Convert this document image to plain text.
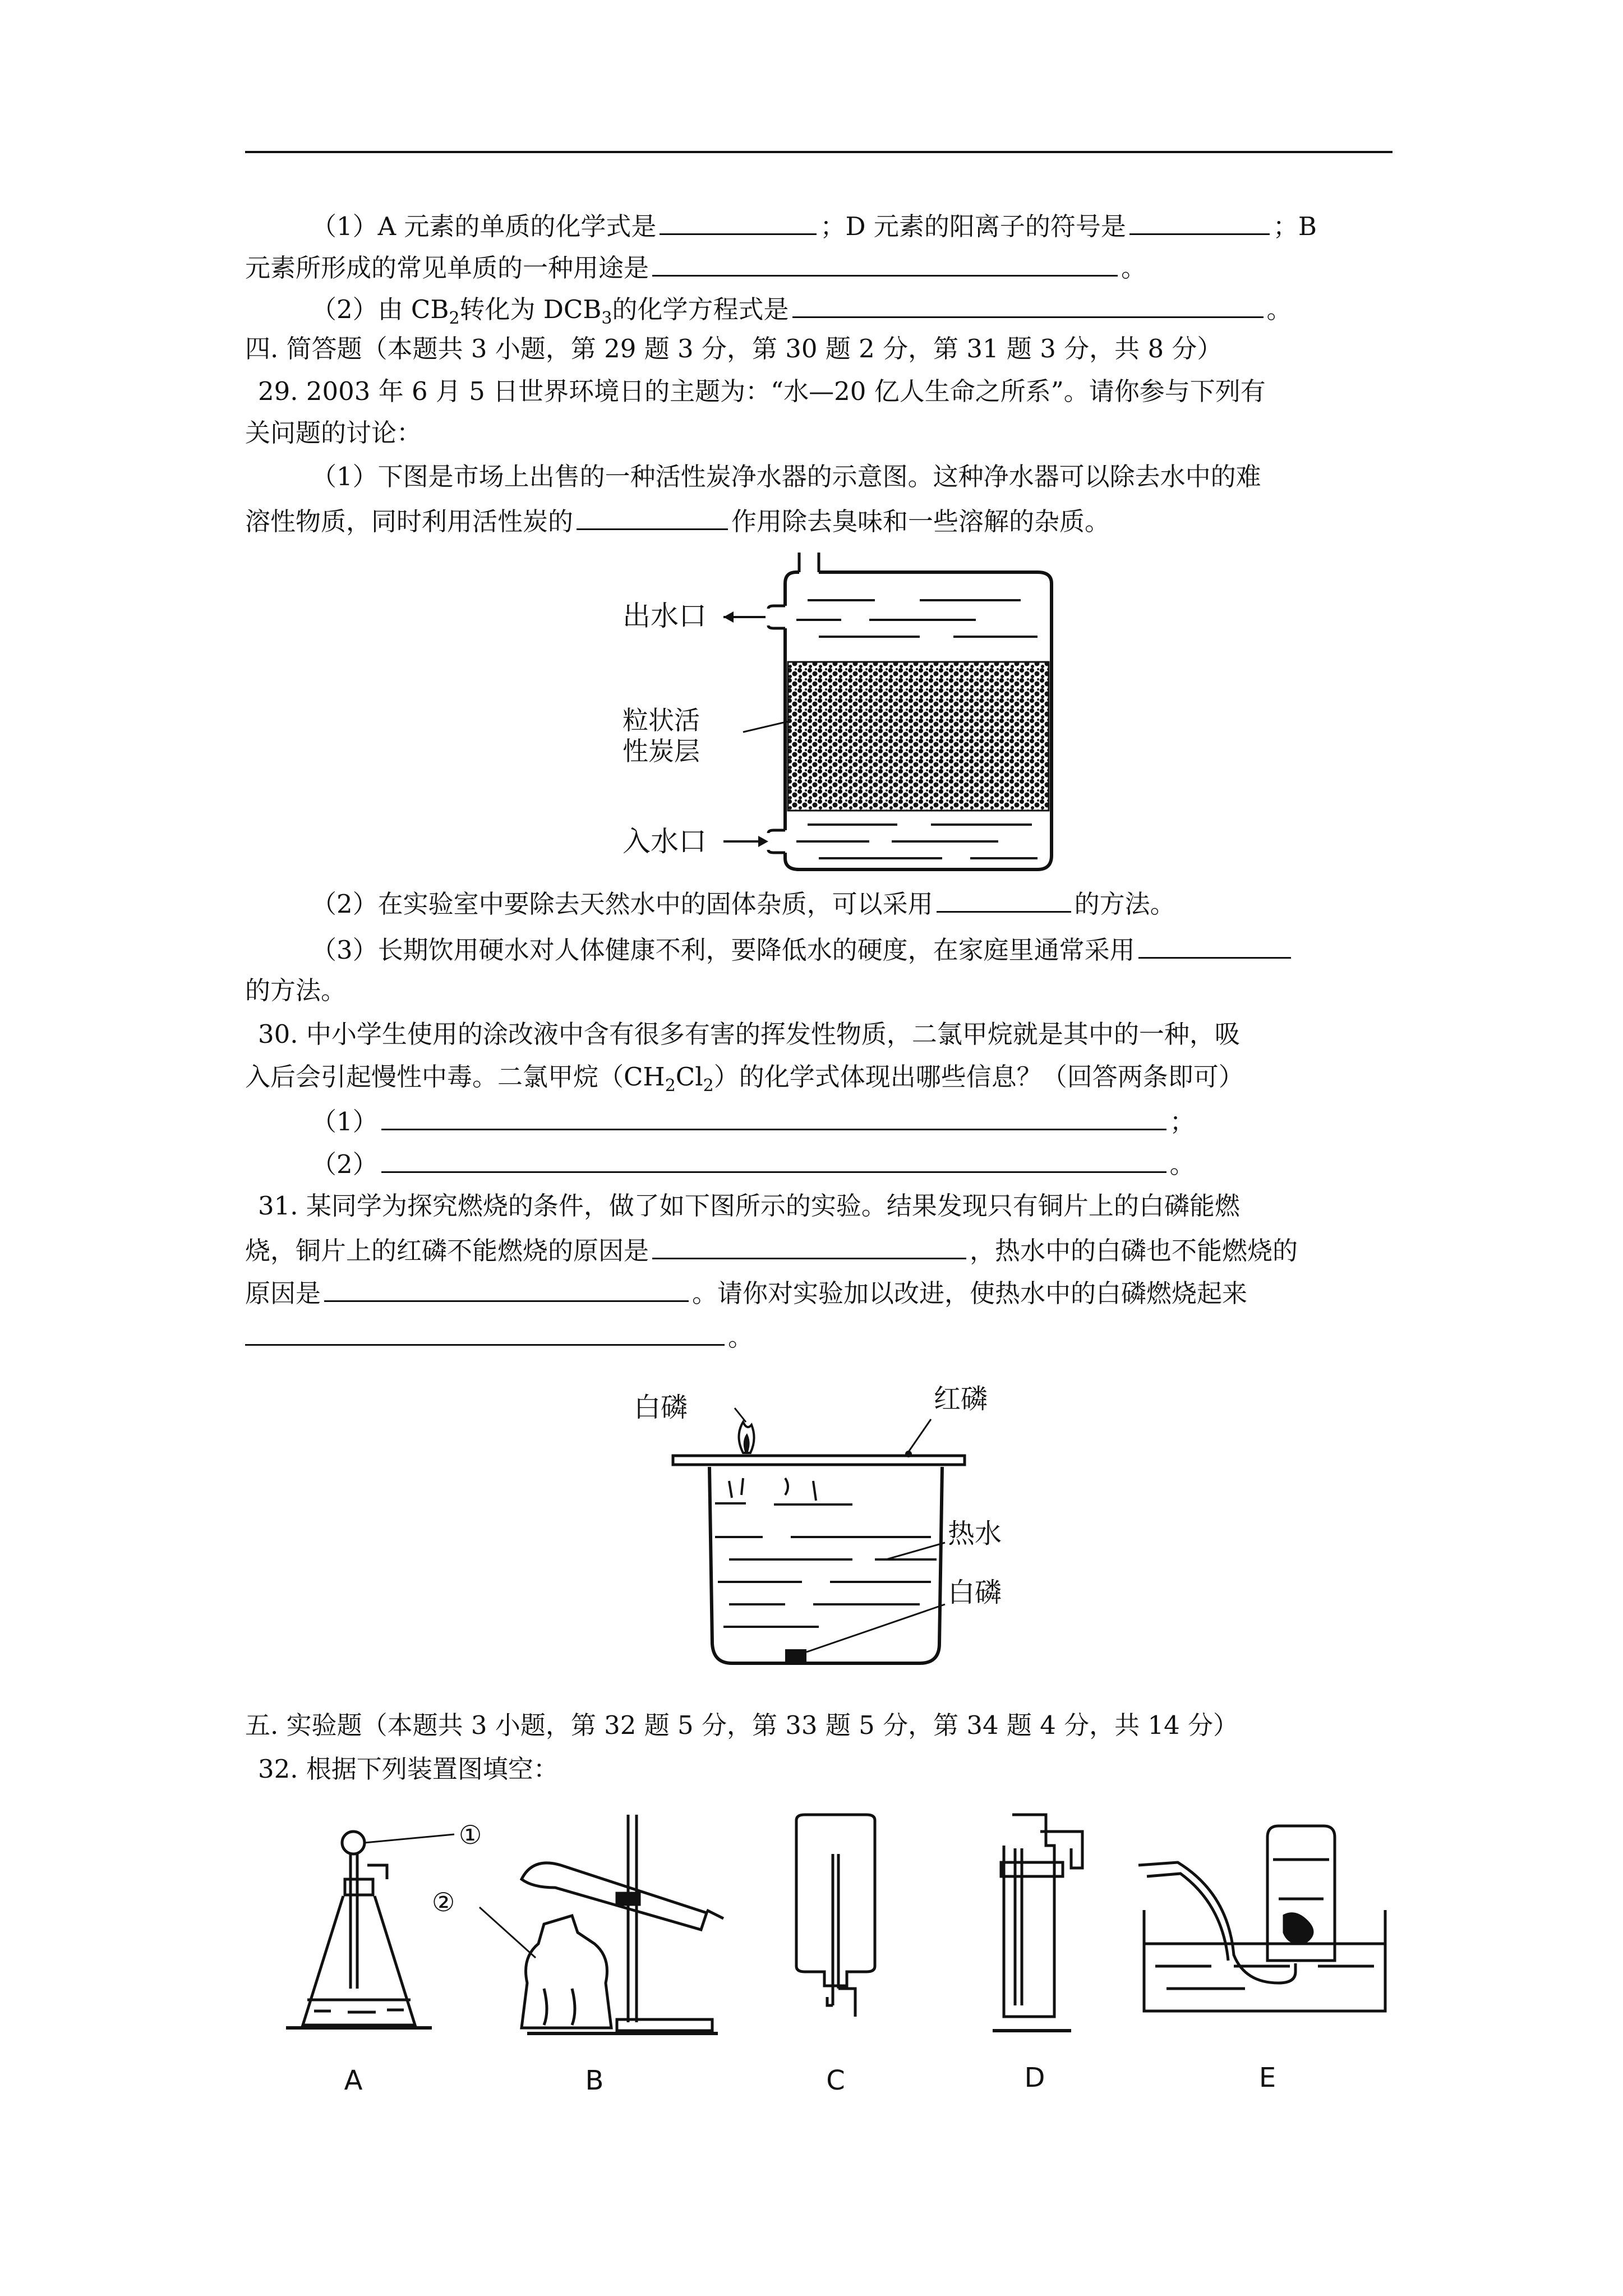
（1）A 元素的单质的化学式是	；D 元素的阳离子的符号是	；B
元素所形成的常见单质的一种用途是	。
（2）由 $CB_2$转化为 $DCB_3$的化学方程式是	。
四. 简答题（本题共 3 小题，第 29 题 3 分，第 30 题 2 分，第 31 题 3 分，共 8 分）
29. 2003 年 6 月 5 日世界环境日的主题为：“水—20 亿人生命之所系”。请你参与下列有
关问题的讨论：
（1）下图是市场上出售的一种活性炭净水器的示意图。这种净水器可以除去水中的难
溶性物质，同时利用活性炭的	作用除去臭味和一些溶解的杂质。
出水口
粒状活
性炭层
入水口
（2）在实验室中要除去天然水中的固体杂质，可以采用	的方法。
（3）长期饮用硬水对人体健康不利，要降低水的硬度，在家庭里通常采用
的方法。
30. 中小学生使用的涂改液中含有很多有害的挥发性物质，二氯甲烷就是其中的一种，吸
入后会引起慢性中毒。二氯甲烷$(CH_2Cl_2)$的化学式体现出哪些信息？（回答两条即可）
（1）	；
（2）	。
31. 某同学为探究燃烧的条件，做了如下图所示的实验。结果发现只有铜片上的白磷能燃
烧，铜片上的红磷不能燃烧的原因是	，热水中的白磷也不能燃烧的
原因是	。请你对实验加以改进，使热水中的白磷燃烧起来
。
白磷	红磷
热水
白磷
五. 实验题（本题共 3 小题，第 32 题 5 分，第 33 题 5 分，第 34 题 4 分，共 14 分）
32. 根据下列装置图填空：
①
②
A	B	C	D	E
